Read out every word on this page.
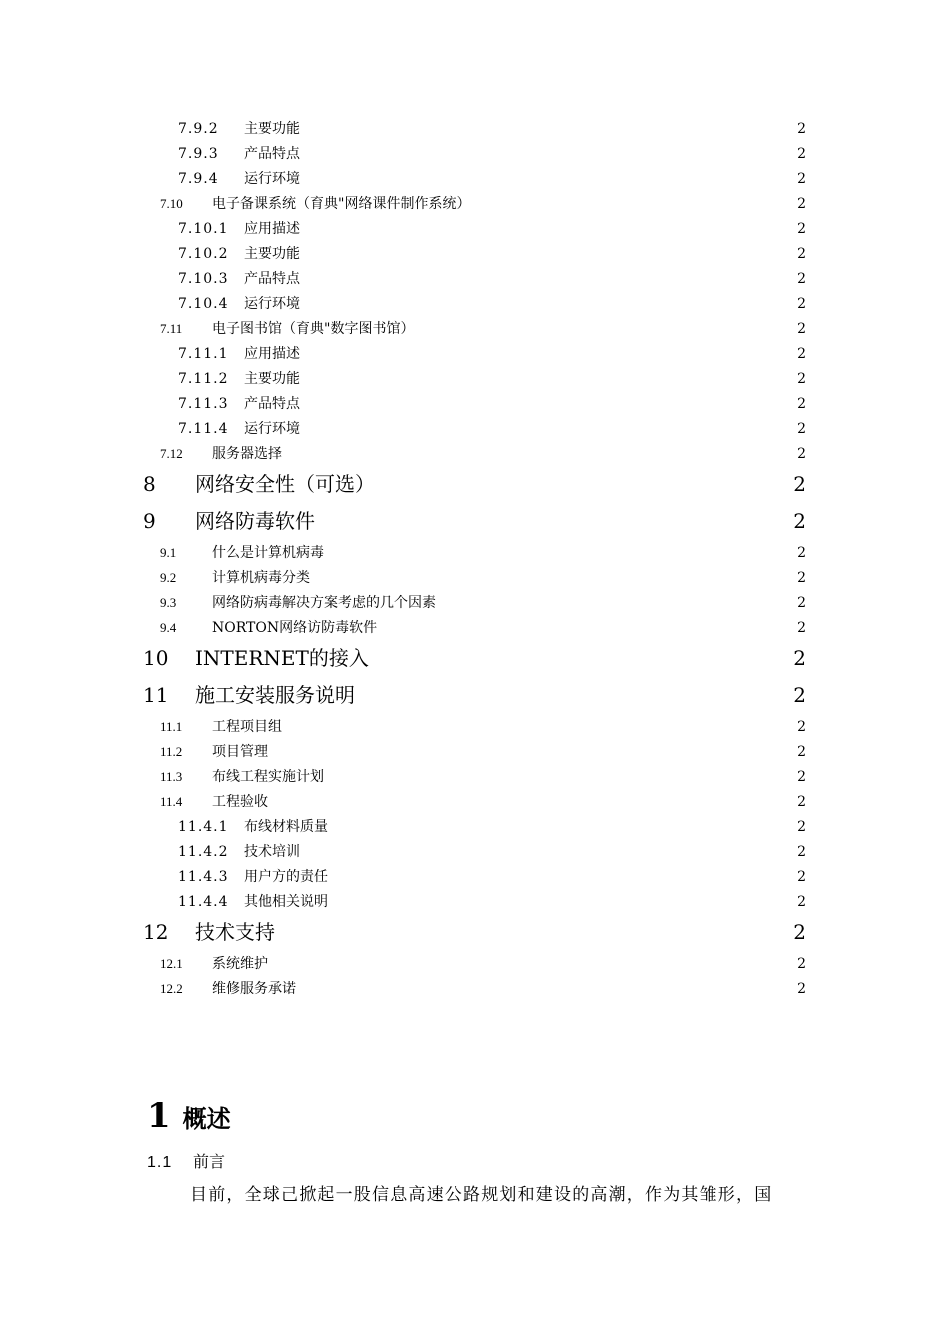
7.9.2	主要功能	2
7.9.3	产品特点	2
7.9.4	运行环境	2
7.10	电子备课系统（育典"网络课件制作系统）	2
7.10.1	应用描述	2
7.10.2	主要功能	2
7.10.3	产品特点	2
7.10.4	运行环境	2
7.11	电子图书馆（育典"数字图书馆）	2
7.11.1	应用描述	2
7.11.2	主要功能	2
7.11.3	产品特点	2
7.11.4	运行环境	2
7.12	服务器选择	2
8	网络安全性（可选）	2
9	网络防毒软件	2
9.1	什么是计算机病毒	2
9.2	计算机病毒分类	2
9.3	网络防病毒解决方案考虑的几个因素	2
9.4	NORTON网络访防毒软件	2
10	INTERNET的接入	2
11	施工安装服务说明	2
11.1	工程项目组	2
11.2	项目管理	2
11.3	布线工程实施计划	2
11.4	工程验收	2
11.4.1	布线材料质量	2
11.4.2	技术培训	2
11.4.3	用户方的责任	2
11.4.4	其他相关说明	2
12	技术支持	2
12.1	系统维护	2
12.2	维修服务承诺	2
1 概述
1.1	前言
目前，全球己掀起一股信息高速公路规划和建设的高潮，作为其雏形，国
